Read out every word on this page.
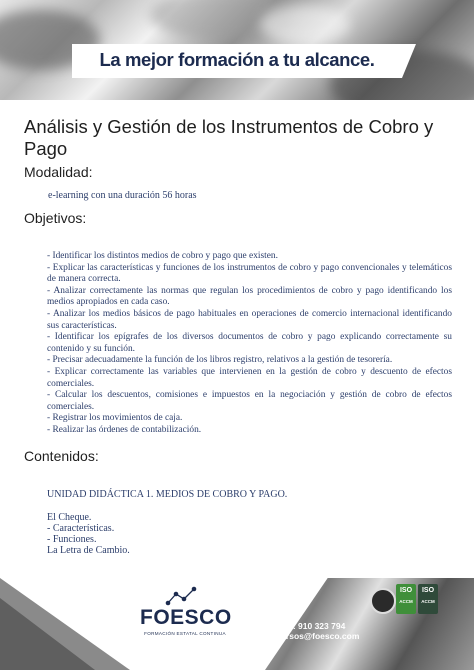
La mejor formación a tu alcance.
Análisis y Gestión de los Instrumentos de Cobro y Pago
Modalidad:
e-learning con una duración 56 horas
Objetivos:
- Identificar los distintos medios de cobro y pago que existen.
- Explicar las características y funciones de los instrumentos de cobro y pago convencionales y telemáticos de manera correcta.
- Analizar correctamente las normas que regulan los procedimientos de cobro y pago identificando los medios apropiados en cada caso.
- Analizar los medios básicos de pago habituales en operaciones de comercio internacional identificando sus características.
- Identificar los epígrafes de los diversos documentos de cobro y pago explicando correctamente su contenido y su función.
- Precisar adecuadamente la función de los libros registro, relativos a la gestión de tesorería.
- Explicar correctamente las variables que intervienen en la gestión de cobro y descuento de efectos comerciales.
- Calcular los descuentos, comisiones e impuestos en la negociación y gestión de cobro de efectos comerciales.
- Registrar los movimientos de caja.
- Realizar las órdenes de contabilización.
Contenidos:
UNIDAD DIDÁCTICA 1. MEDIOS DE COBRO Y PAGO.
El Cheque.
- Características.
- Funciones.
La Letra de Cambio.
FOESCO
FORMACIÓN ESTATAL CONTINUA
Telf.: 910 323 794
cursos@foesco.com
ISO
ACCM
ISO
ACCM
